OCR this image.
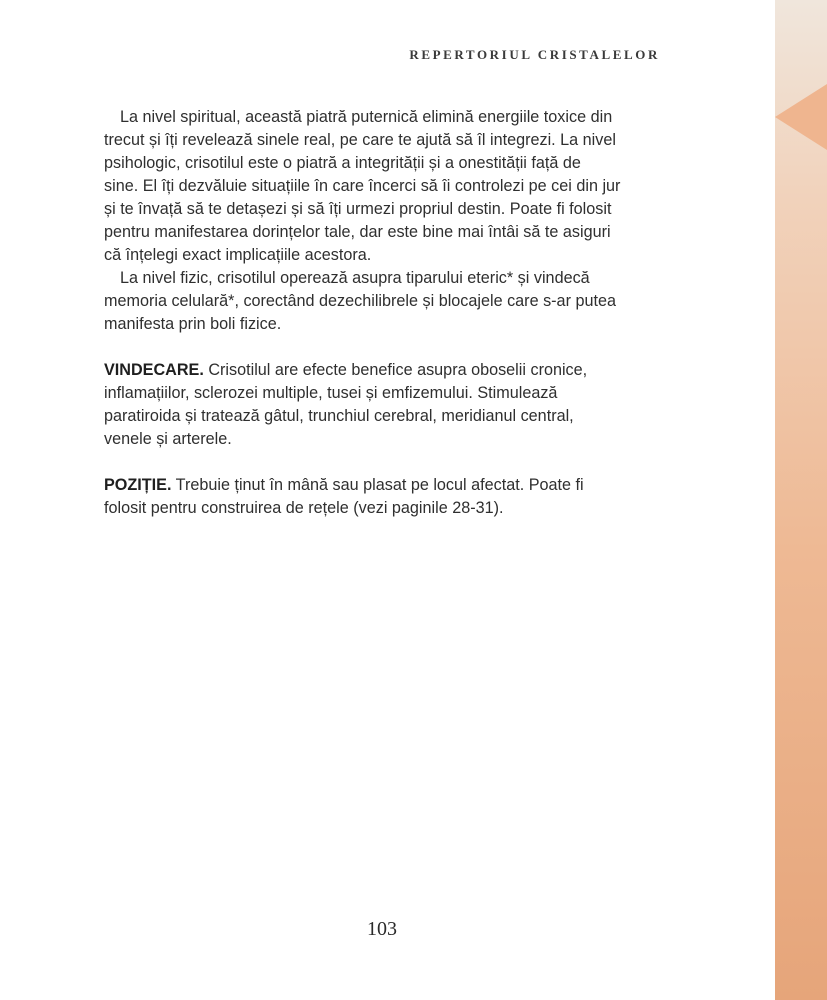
REPERTORIUL CRISTALELOR
La nivel spiritual, această piatră puternică elimină energiile toxice din
trecut și îți revelează sinele real, pe care te ajută să îl integrezi. La nivel
psihologic, crisotilul este o piatră a integrității și a onestității față de
sine. El îți dezvăluie situațiile în care încerci să îi controlezi pe cei din jur
și te învață să te detașezi și să îți urmezi propriul destin. Poate fi folosit
pentru manifestarea dorințelor tale, dar este bine mai întâi să te asiguri
că înțelegi exact implicațiile acestora.
La nivel fizic, crisotilul operează asupra tiparului eteric* și vindecă
memoria celulară*, corectând dezechilibrele și blocajele care s-ar putea
manifesta prin boli fizice.
VINDECARE. Crisotilul are efecte benefice asupra oboselii cronice,
inflamațiilor, sclerozei multiple, tusei și emfizemului. Stimulează
paratiroida și tratează gâtul, trunchiul cerebral, meridianul central,
venele și arterele.
POZIȚIE. Trebuie ținut în mână sau plasat pe locul afectat. Poate fi
folosit pentru construirea de rețele (vezi paginile 28-31).
103
